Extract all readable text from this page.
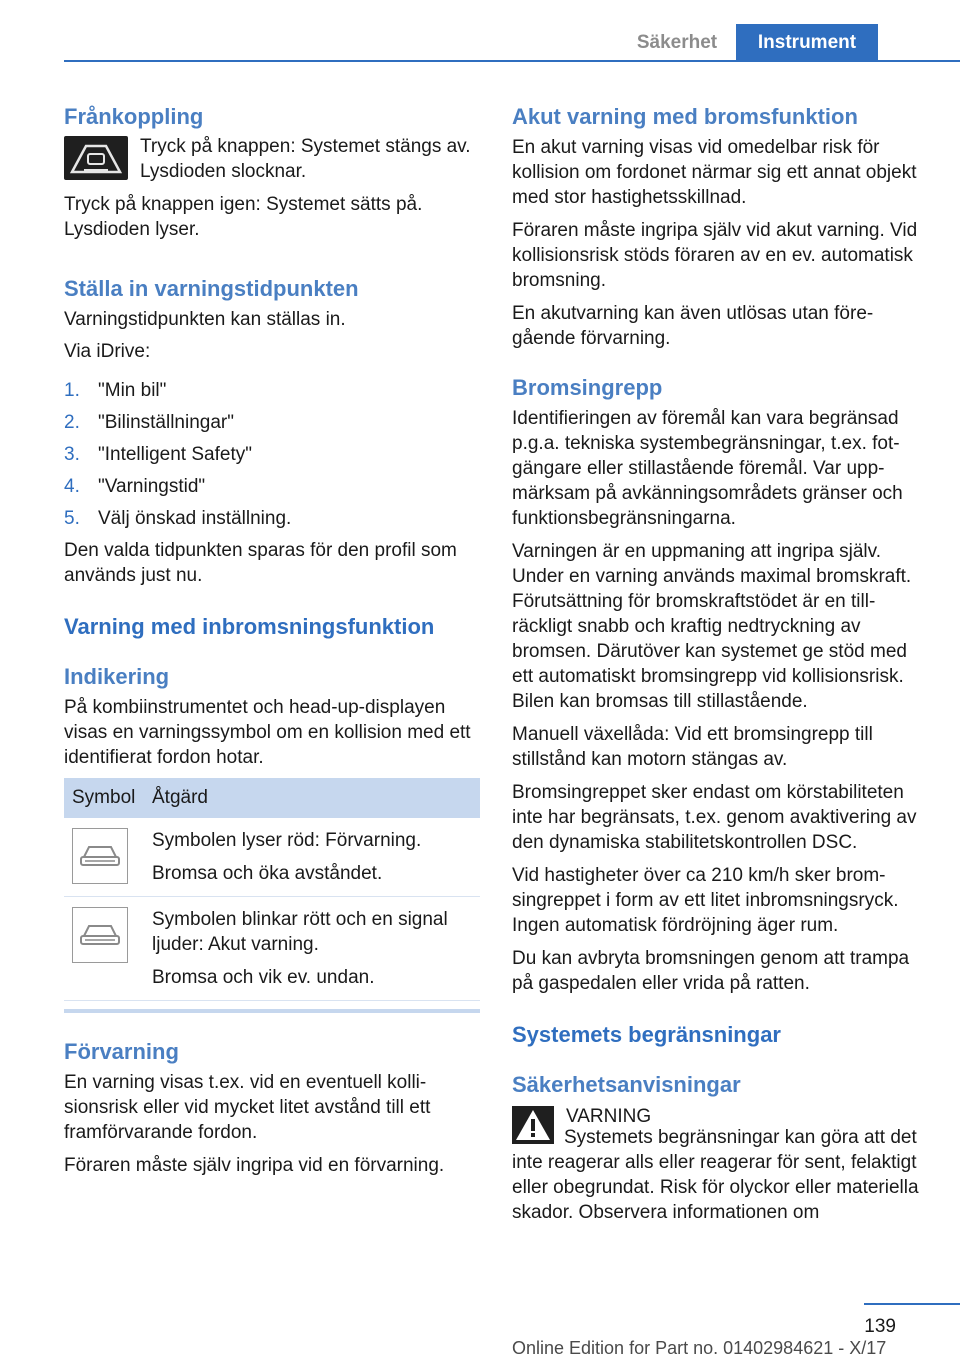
Säkerhet	Instrument
Frånkoppling
Tryck på knappen: Systemet stängs av. Lysdioden slocknar.
Tryck på knappen igen: Systemet sätts på. Lysdioden lyser.
Ställa in varningstidpunkten
Varningstidpunkten kan ställas in.
Via iDrive:
1. "Min bil"
2. "Bilinställningar"
3. "Intelligent Safety"
4. "Varningstid"
5. Välj önskad inställning.
Den valda tidpunkten sparas för den profil som används just nu.
Varning med inbromsningsfunktion
Indikering
På kombiinstrumentet och head-up-displayen visas en varningssymbol om en kollision med ett identifierat fordon hotar.
Symbol Åtgärd
Symbolen lyser röd: Förvarning.
Bromsa och öka avståndet.
Symbolen blinkar rött och en signal ljuder: Akut varning.
Bromsa och vik ev. undan.
Förvarning
En varning visas t.ex. vid en eventuell kollisionsrisk eller vid mycket litet avstånd till ett framförvarande fordon.
Föraren måste själv ingripa vid en förvarning.
Akut varning med bromsfunktion
En akut varning visas vid omedelbar risk för kollision om fordonet närmar sig ett annat objekt med stor hastighetsskillnad.
Föraren måste ingripa själv vid akut varning. Vid kollisionsrisk stöds föraren av en ev. automatisk bromsning.
En akutvarning kan även utlösas utan föregående förvarning.
Bromsingrepp
Identifieringen av föremål kan vara begränsad p.g.a. tekniska systembegränsningar, t.ex. fotgängare eller stillastående föremål. Var uppmärksam på avkänningsområdets gränser och funktionsbegränsningarna.
Varningen är en uppmaning att ingripa själv. Under en varning används maximal bromskraft. Förutsättning för bromskraftstödet är en tillräckligt snabb och kraftig nedtryckning av bromsen. Därutöver kan systemet ge stöd med ett automatiskt bromsingrepp vid kollisionsrisk. Bilen kan bromsas till stillastående.
Manuell växellåda: Vid ett bromsingrepp till stillstånd kan motorn stängas av.
Bromsingreppet sker endast om körstabiliteten inte har begränsats, t.ex. genom avaktivering av den dynamiska stabilitetskontrollen DSC.
Vid hastigheter över ca 210 km/h sker bromsingreppet i form av ett litet inbromsningsryck. Ingen automatisk fördröjning äger rum.
Du kan avbryta bromsningen genom att trampa på gaspedalen eller vrida på ratten.
Systemets begränsningar
Säkerhetsanvisningar
VARNING
Systemets begränsningar kan göra att det inte reagerar alls eller reagerar för sent, felaktigt eller obegrundat. Risk för olyckor eller materiella skador. Observera informationen om
139
Online Edition for Part no. 01402984621 - X/17
